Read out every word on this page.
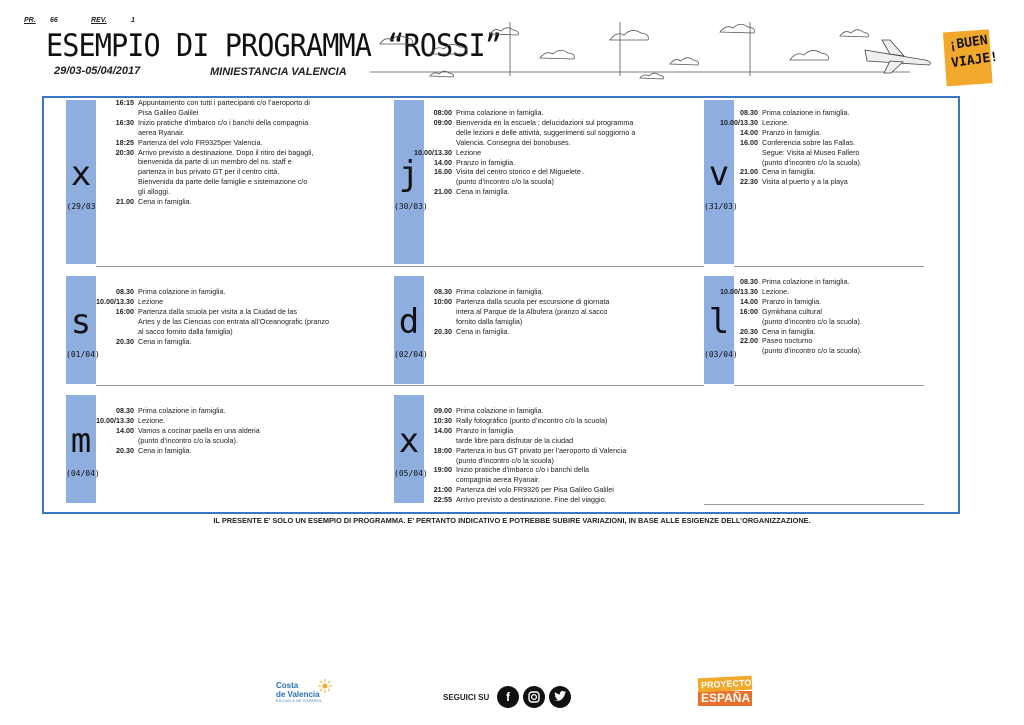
PR. 66	REV.	1
ESEMPIO DI PROGRAMMA “ROSSI”
29/03-05/04/2017	MINIESTANCIA VALENCIA
¡BUEN
VIAJE!
x
(29/03
16:15 Appuntamento con tutti i partecipanti c/o l’aeroporto di
Pisa Galileo Galilei
16:30 Inizio pratiche d’imbarco c/o i banchi della compagnia
aerea Ryanair.
18:25 Partenza del volo FR9325per Valencia.
20:30 Arrivo previsto a destinazione. Dopo il ritiro dei bagagli,
bienvenida da parte di un membro del ns. staff e
partenza in bus privato GT per il centro città.
Bienvenida da parte delle famiglie e sistemazione c/o
gli alloggi.
21.00 Cena in famiglia.
j
(30/03)
08:00 Prima colazione in famiglia.
09:00 Bienvenida en la escuela ; delucidazioni sul programma
delle lezioni e delle attività, suggerimenti sul soggiorno a
Valencia. Consegna dei bonobuses.
10.00/13.30 Lezione
14.00 Pranzo in famiglia.
16.00 Visita del centro storico e del Miguelete .
(punto d’incontro c/o la scuola)
21.00 Cena in famiglia.	v
(31/03)
08.30 Prima colazione in famiglia.
10.00/13.30 Lezione.
14.00 Pranzo in famiglia.
16.00 Conferencia sobre las Fallas.
Segue: Visita al Museo Fallero
(punto d’incontro c/o la scuola).
21.00 Cena in famiglia.
22.30 Visita al puerto y a la playa
s
(01/04)
08.30 Prima colazione in famiglia.
10.00/13.30 Lezione
16:00 Partenza dalla scuola per visita a la Ciudad de las
Artes y de las Ciencias con entrata all’Oceanografic (pranzo
al sacco fornito dalla famiglia)
20.30 Cena in famiglia.	d
(02/04)
08.30 Prima colazione in famiglia.
10:00 Partenza dalla scuola per escursione di giornata
intera al Parque de la Albufera (pranzo al sacco
fornito dalla famiglia)
20.30 Cena in famiglia.	l
(03/04)
08.30 Prima colazione in famiglia.
10.00/13.30 Lezione.
14.00 Pranzo in famiglia.
16:00 Gymkhana cultural
(punto d’incontro c/o la scuola).
20.30 Cena in famiglia.
22.00 Paseo nocturno
(punto d’incontro c/o la scuola).
m
(04/04)
08.30 Prima colazione in famiglia.
10.00/13.30 Lezione.
14.00 Vamos a cocinar paella en una alderia
(punto d’incontro c/o la scuola).
20.30 Cena in famiglia.	x
(05/04)
09.00 Prima colazione in famiglia.
10:30 Rally fotográfico (punto d’incontro c/o la scuola)
14.00 Pranzo in famiglia
tarde libre para disfrutar de la ciudad
18:00 Partenza in bus GT privato per l’aeroporto di Valencia
(punto d’incontro c/o la scuola)
19:00 Inizio pratiche d’imbarco c/o i banchi della
compagnia aerea Ryanair.
21:00 Partenza del volo FR9326 per Pisa Galileo Galilei
22:55 Arrivo previsto a destinazione. Fine del viaggio.
IL PRESENTE E’ SOLO UN ESEMPIO DI PROGRAMMA. E’ PERTANTO INDICATIVO E POTREBBE SUBIRE VARIAZIONI, IN BASE ALLE ESIGENZE DELL’ORGANIZZAZIONE.
Costa
de Valencia
ESCUELA DE ESPAÑOL	SEGUICI SU	f
PROYECTO
ESPAÑA
